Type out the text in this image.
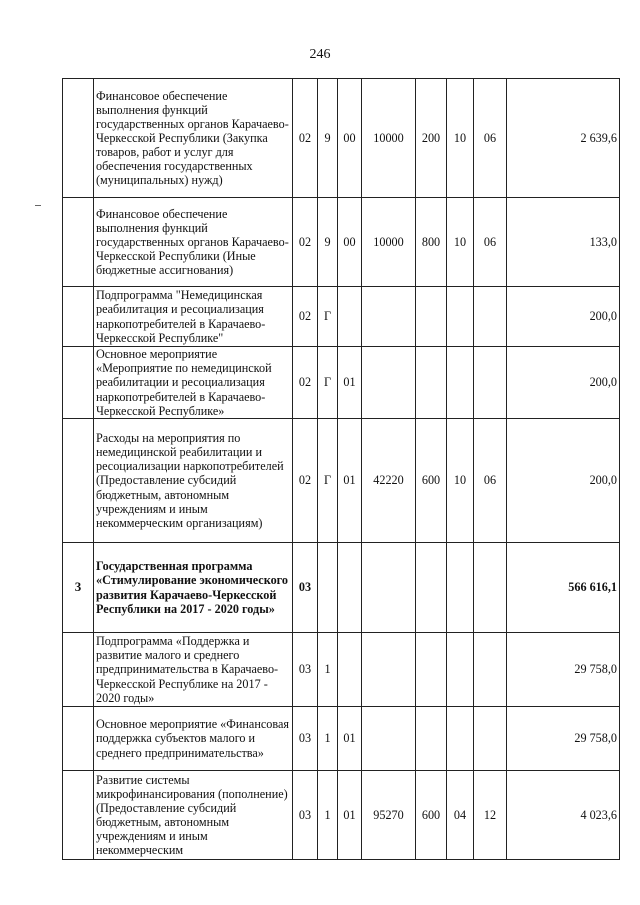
246
	Финансовое обеспечение выполнения функций государственных органов Карачаево-Черкесской Республики (Закупка товаров, работ и услуг для обеспечения государственных (муниципальных) нужд)	02	9	00	10000	200	10	06	2 639,6
	Финансовое обеспечение выполнения функций государственных органов Карачаево-Черкесской Республики (Иные бюджетные ассигнования)	02	9	00	10000	800	10	06	133,0
	Подпрограмма "Немедицинская реабилитация и ресоциализация наркопотребителей в Карачаево-Черкесской Республике"	02	Г						200,0
	Основное мероприятие «Мероприятие по немедицинской реабилитации и ресоциализация наркопотребителей в Карачаево-Черкесской Республике»	02	Г	01					200,0
	Расходы на мероприятия по немедицинской реабилитации и ресоциализации наркопотребителей (Предоставление субсидий бюджетным, автономным учреждениям и иным некоммерческим организациям)	02	Г	01	42220	600	10	06	200,0
3	Государственная программа «Стимулирование экономического развития Карачаево-Черкесской Республики на 2017 - 2020 годы»	03							566 616,1
	Подпрограмма «Поддержка и развитие малого и среднего предпринимательства в Карачаево-Черкесской Республике на 2017 - 2020 годы»	03	1						29 758,0
	Основное мероприятие «Финансовая поддержка субъектов малого и среднего предпринимательства»	03	1	01					29 758,0
	Развитие системы микрофинансирования (пополнение) (Предоставление субсидий бюджетным, автономным учреждениям и иным некоммерческим	03	1	01	95270	600	04	12	4 023,6
